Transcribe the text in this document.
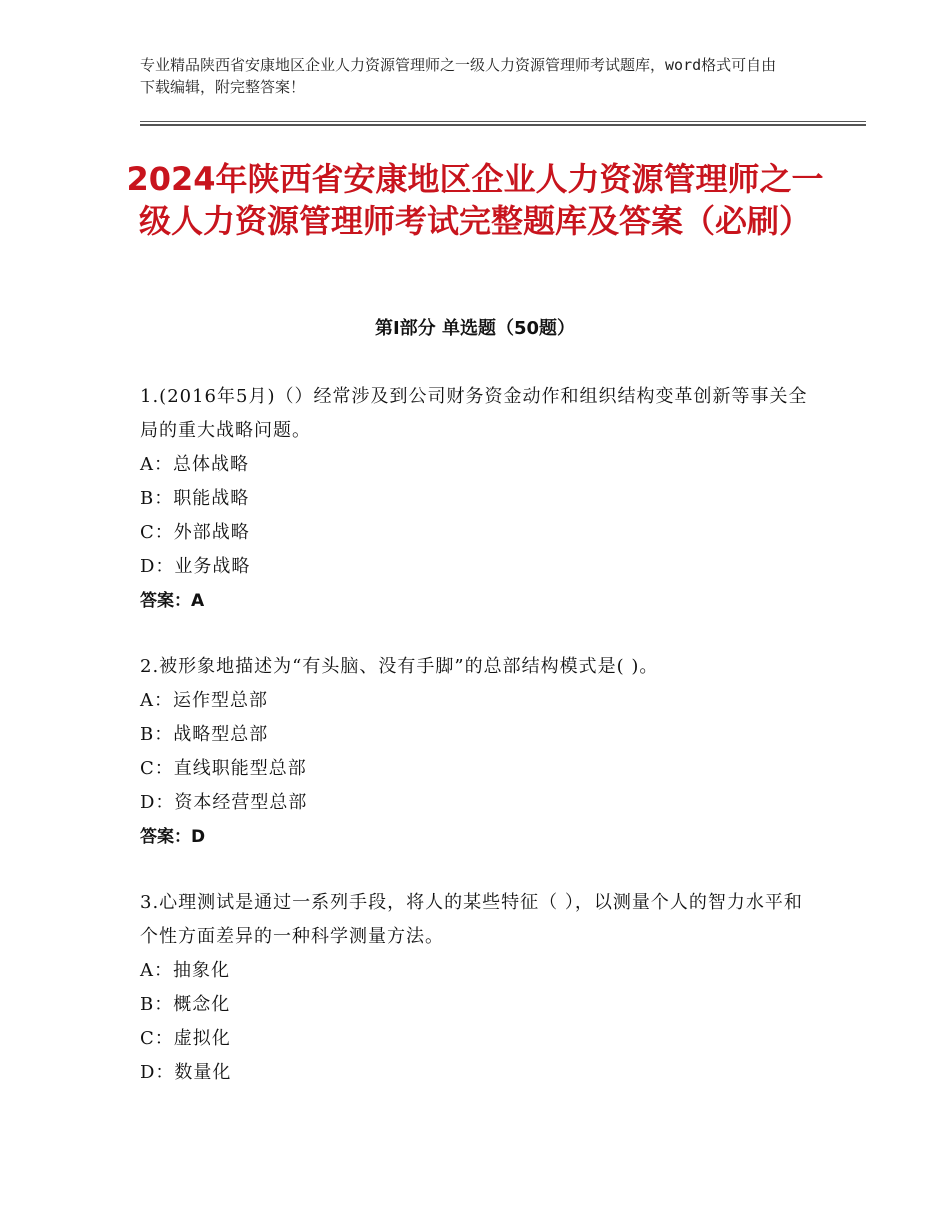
专业精品陕西省安康地区企业人力资源管理师之一级人力资源管理师考试题库，word格式可自由下载编辑，附完整答案！
2024年陕西省安康地区企业人力资源管理师之一级人力资源管理师考试完整题库及答案（必刷）
第Ⅰ部分 单选题（50题）

1.(2016年5月)（）经常涉及到公司财务资金动作和组织结构变革创新等事关全局的重大战略问题。

A：总体战略

B：职能战略

C：外部战略

D：业务战略

答案：A

2.被形象地描述为“有头脑、没有手脚”的总部结构模式是( )。

A：运作型总部

B：战略型总部

C：直线职能型总部

D：资本经营型总部

答案：D

3.心理测试是通过一系列手段，将人的某些特征（ ），以测量个人的智力水平和个性方面差异的一种科学测量方法。

A：抽象化

B：概念化

C：虚拟化

D：数量化
